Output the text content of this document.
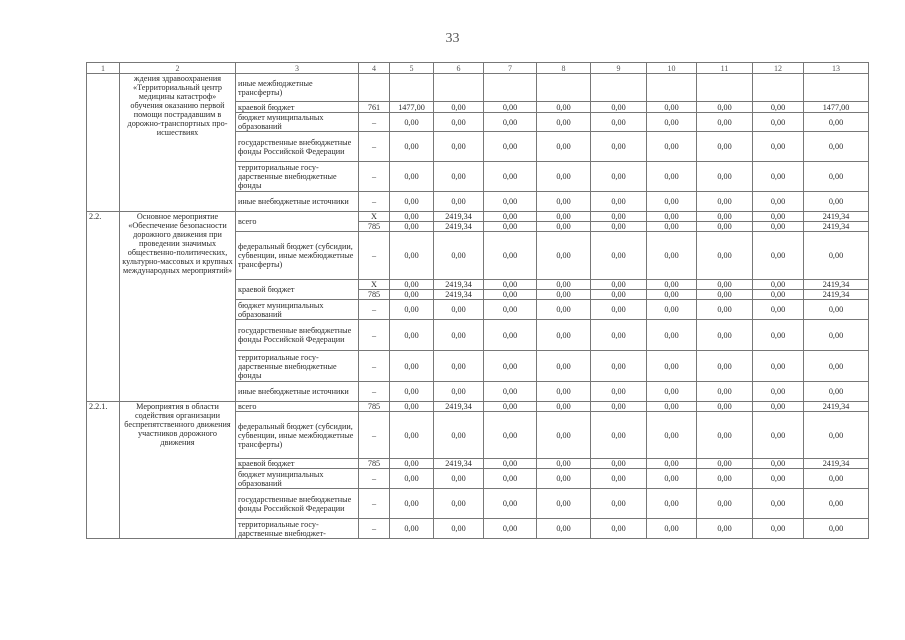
33
1	2	3	4	5	6	7	8	9	10	11	12	13
	ждения здравоохранения «Территориальный центр медицины катастроф» обучения оказанию первой помощи пострадавшим в дорожно-транспортных происшествиях	иные межбюджетные трансферты)										
		краевой бюджет	761	1477,00	0,00	0,00	0,00	0,00	0,00	0,00	0,00	1477,00
		бюджет муниципальных образований	–	0,00	0,00	0,00	0,00	0,00	0,00	0,00	0,00	0,00
		государственные внебюджетные фонды Российской Федерации	–	0,00	0,00	0,00	0,00	0,00	0,00	0,00	0,00	0,00
		территориальные государственные внебюджетные фонды	–	0,00	0,00	0,00	0,00	0,00	0,00	0,00	0,00	0,00
		иные внебюджетные источники	–	0,00	0,00	0,00	0,00	0,00	0,00	0,00	0,00	0,00
2.2.	Основное мероприятие «Обеспечение безопасности дорожного движения при проведении значимых общественно-политических, культурно-массовых и крупных международных мероприятий»	всего	X	0,00	2419,34	0,00	0,00	0,00	0,00	0,00	0,00	2419,34
			785	0,00	2419,34	0,00	0,00	0,00	0,00	0,00	0,00	2419,34
		федеральный бюджет (субсидии, субвенции, иные межбюджетные трансферты)	–	0,00	0,00	0,00	0,00	0,00	0,00	0,00	0,00	0,00
		краевой бюджет	X	0,00	2419,34	0,00	0,00	0,00	0,00	0,00	0,00	2419,34
			785	0,00	2419,34	0,00	0,00	0,00	0,00	0,00	0,00	2419,34
		бюджет муниципальных образований	–	0,00	0,00	0,00	0,00	0,00	0,00	0,00	0,00	0,00
		государственные внебюджетные фонды Российской Федерации	–	0,00	0,00	0,00	0,00	0,00	0,00	0,00	0,00	0,00
		территориальные государственные внебюджетные фонды	–	0,00	0,00	0,00	0,00	0,00	0,00	0,00	0,00	0,00
		иные внебюджетные источники	–	0,00	0,00	0,00	0,00	0,00	0,00	0,00	0,00	0,00
2.2.1.	Мероприятия в области содействия организации беспрепятственного движения участников дорожного движения	всего	785	0,00	2419,34	0,00	0,00	0,00	0,00	0,00	0,00	2419,34
		федеральный бюджет (субсидии, субвенции, иные межбюджетные трансферты)	–	0,00	0,00	0,00	0,00	0,00	0,00	0,00	0,00	0,00
		краевой бюджет	785	0,00	2419,34	0,00	0,00	0,00	0,00	0,00	0,00	2419,34
		бюджет муниципальных образований	–	0,00	0,00	0,00	0,00	0,00	0,00	0,00	0,00	0,00
		государственные внебюджетные фонды Российской Федерации	–	0,00	0,00	0,00	0,00	0,00	0,00	0,00	0,00	0,00
		территориальные государственные внебюджет-	–	0,00	0,00	0,00	0,00	0,00	0,00	0,00	0,00	0,00
